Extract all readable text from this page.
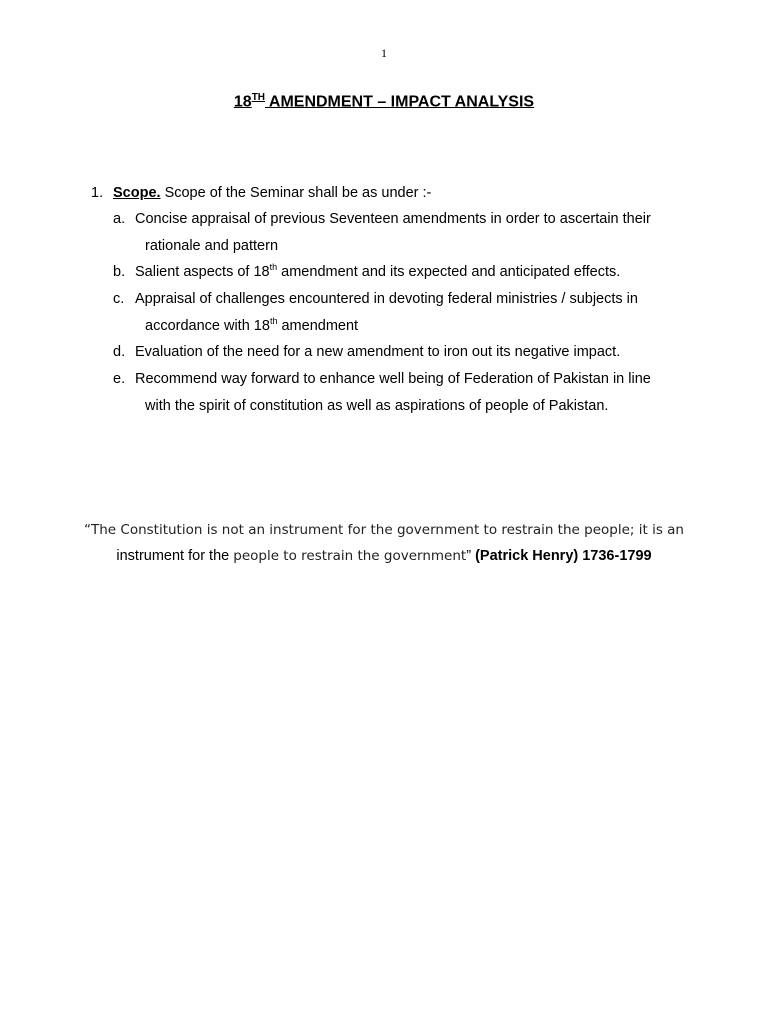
1
18TH AMENDMENT – IMPACT ANALYSIS
1. Scope. Scope of the Seminar shall be as under :-
a. Concise appraisal of previous Seventeen amendments in order to ascertain their
rationale and pattern
b. Salient aspects of 18th amendment and its expected and anticipated effects.
c. Appraisal of challenges encountered in devoting federal ministries / subjects in
accordance with 18th amendment
d. Evaluation of the need for a new amendment to iron out its negative impact.
e. Recommend way forward to enhance well being of Federation of Pakistan in line
with the spirit of constitution as well as aspirations of people of Pakistan.
“The Constitution is not an instrument for the government to restrain the people; it is an
instrument for the people to restrain the government” (Patrick Henry) 1736-1799
